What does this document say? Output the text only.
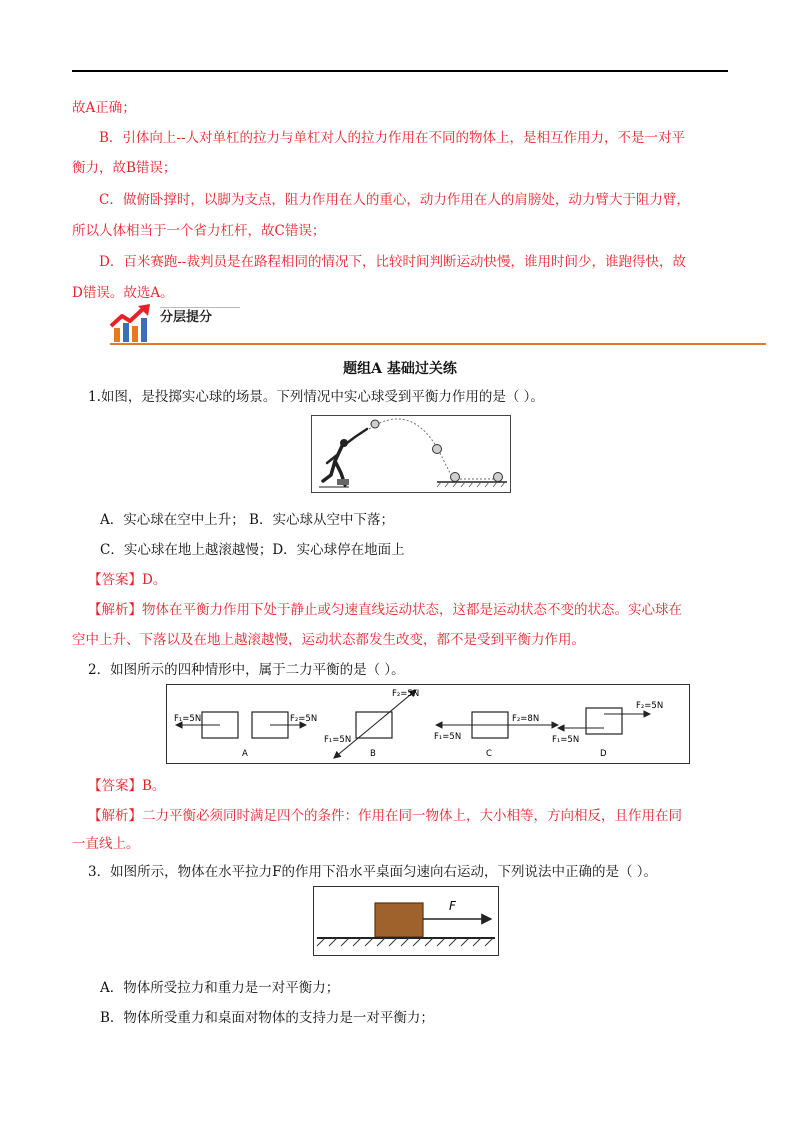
故A正确；

B．引体向上--人对单杠的拉力与单杠对人的拉力作用在不同的物体上，是相互作用力，不是一对平

衡力，故B错误；

C．做俯卧撑时，以脚为支点，阻力作用在人的重心，动力作用在人的肩膀处，动力臂大于阻力臂，

所以人体相当于一个省力杠杆，故C错误；

D．百米赛跑--裁判员是在路程相同的情况下，比较时间判断运动快慢，谁用时间少，谁跑得快，故

D错误。故选A。

分层提分
题组A 基础过关练

1.如图，是投掷实心球的场景。下列情况中实心球受到平衡力作用的是（ ）。

A．实心球在空中上升； B．实心球从空中下落；

C．实心球在地上越滚越慢；D．实心球停在地面上

【答案】D。

【解析】物体在平衡力作用下处于静止或匀速直线运动状态，这都是运动状态不变的状态。实心球在

空中上升、下落以及在地上越滚越慢，运动状态都发生改变，都不是受到平衡力作用。

2．如图所示的四种情形中，属于二力平衡的是（ ）。

F₁=5N	F₂=5N
A
F₂=5N
F₁=5N
B
F₁=5N
F₂=8N
C
F₂=5N
F₁=5N
D

【答案】B。

【解析】二力平衡必须同时满足四个的条件：作用在同一物体上，大小相等，方向相反，且作用在同

一直线上。

3．如图所示，物体在水平拉力F的作用下沿水平桌面匀速向右运动，下列说法中正确的是（ ）。

F

A．物体所受拉力和重力是一对平衡力；

B．物体所受重力和桌面对物体的支持力是一对平衡力；
